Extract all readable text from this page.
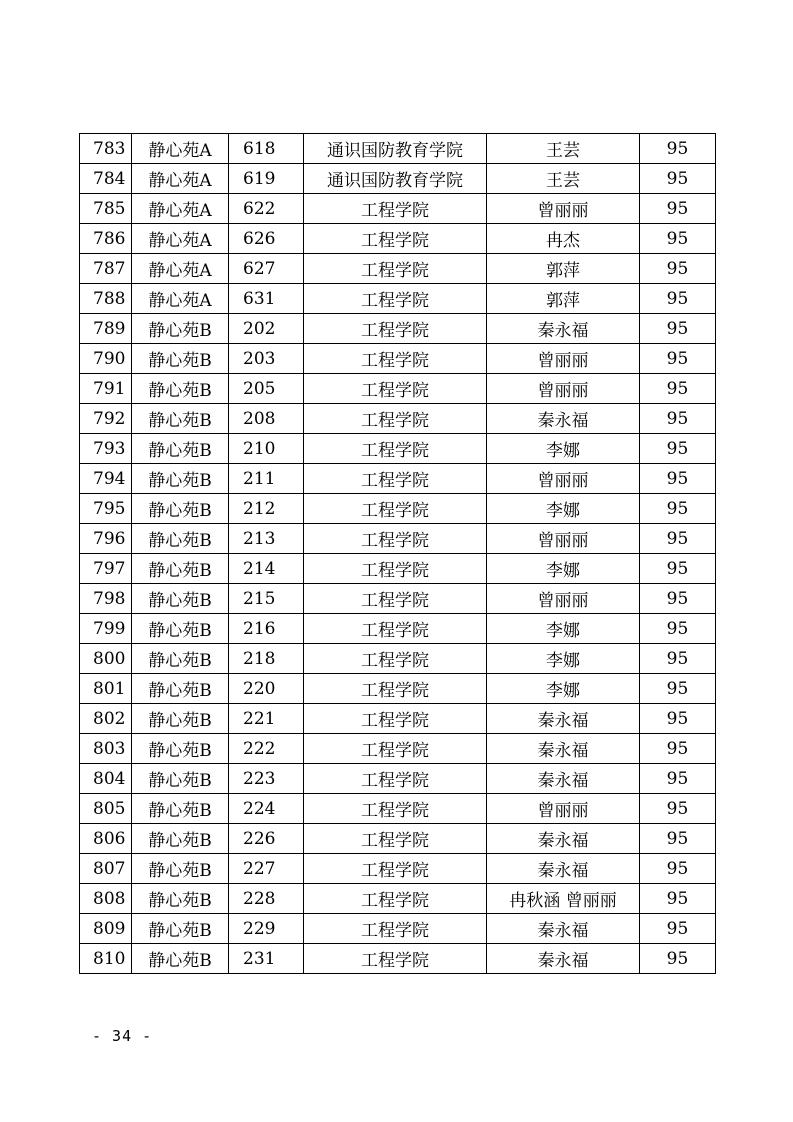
783	静心苑A	618	通识国防教育学院	王芸	95
784	静心苑A	619	通识国防教育学院	王芸	95
785	静心苑A	622	工程学院	曾丽丽	95
786	静心苑A	626	工程学院	冉杰	95
787	静心苑A	627	工程学院	郭萍	95
788	静心苑A	631	工程学院	郭萍	95
789	静心苑B	202	工程学院	秦永福	95
790	静心苑B	203	工程学院	曾丽丽	95
791	静心苑B	205	工程学院	曾丽丽	95
792	静心苑B	208	工程学院	秦永福	95
793	静心苑B	210	工程学院	李娜	95
794	静心苑B	211	工程学院	曾丽丽	95
795	静心苑B	212	工程学院	李娜	95
796	静心苑B	213	工程学院	曾丽丽	95
797	静心苑B	214	工程学院	李娜	95
798	静心苑B	215	工程学院	曾丽丽	95
799	静心苑B	216	工程学院	李娜	95
800	静心苑B	218	工程学院	李娜	95
801	静心苑B	220	工程学院	李娜	95
802	静心苑B	221	工程学院	秦永福	95
803	静心苑B	222	工程学院	秦永福	95
804	静心苑B	223	工程学院	秦永福	95
805	静心苑B	224	工程学院	曾丽丽	95
806	静心苑B	226	工程学院	秦永福	95
807	静心苑B	227	工程学院	秦永福	95
808	静心苑B	228	工程学院	冉秋涵 曾丽丽	95
809	静心苑B	229	工程学院	秦永福	95
810	静心苑B	231	工程学院	秦永福	95
- 34 -
